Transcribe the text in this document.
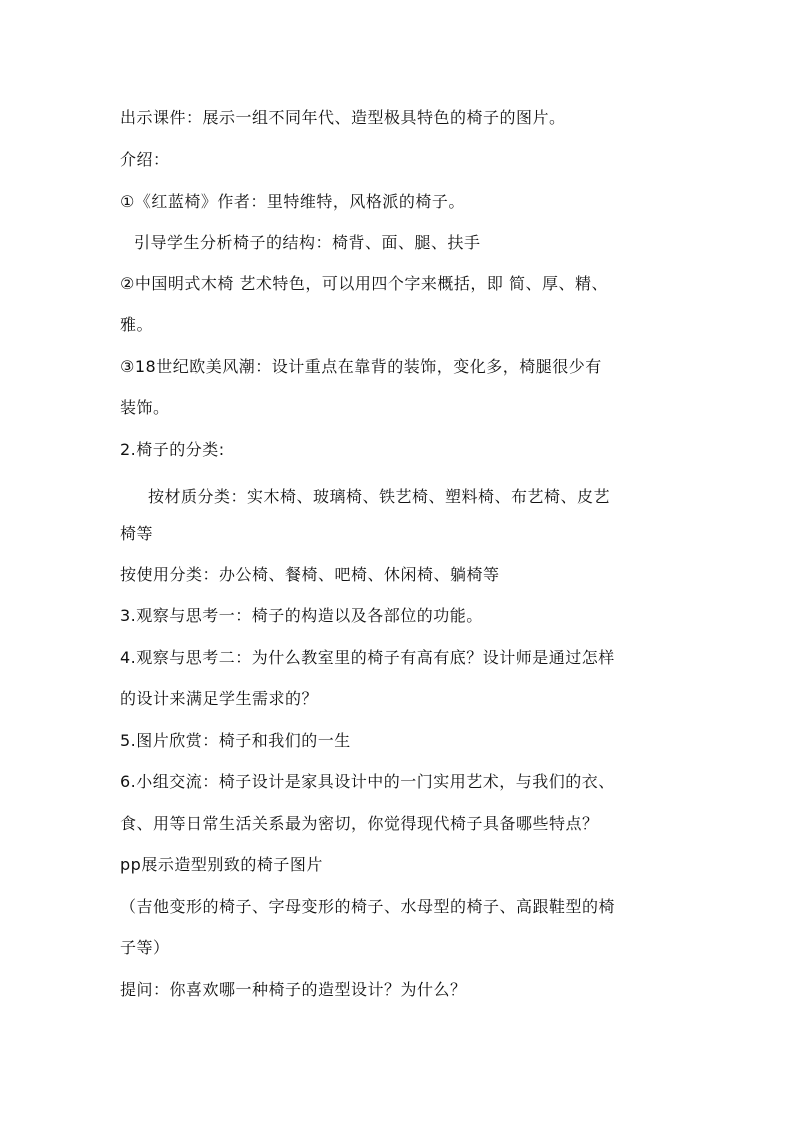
出示课件：展示一组不同年代、造型极具特色的椅子的图片。
介绍：
①《红蓝椅》作者：里特维特，风格派的椅子。
引导学生分析椅子的结构：椅背、面、腿、扶手
②中国明式木椅 艺术特色，可以用四个字来概括，即 简、厚、精、
雅。
③18世纪欧美风潮：设计重点在靠背的装饰，变化多，椅腿很少有
装饰。
2.椅子的分类:
按材质分类：实木椅、玻璃椅、铁艺椅、塑料椅、布艺椅、皮艺
椅等
按使用分类：办公椅、餐椅、吧椅、休闲椅、躺椅等
3.观察与思考一：椅子的构造以及各部位的功能。
4.观察与思考二：为什么教室里的椅子有高有底？设计师是通过怎样
的设计来满足学生需求的？
5.图片欣赏：椅子和我们的一生
6.小组交流：椅子设计是家具设计中的一门实用艺术，与我们的衣、
食、用等日常生活关系最为密切，你觉得现代椅子具备哪些特点？
pp展示造型别致的椅子图片
（吉他变形的椅子、字母变形的椅子、水母型的椅子、高跟鞋型的椅
子等）
提问：你喜欢哪一种椅子的造型设计？为什么？
